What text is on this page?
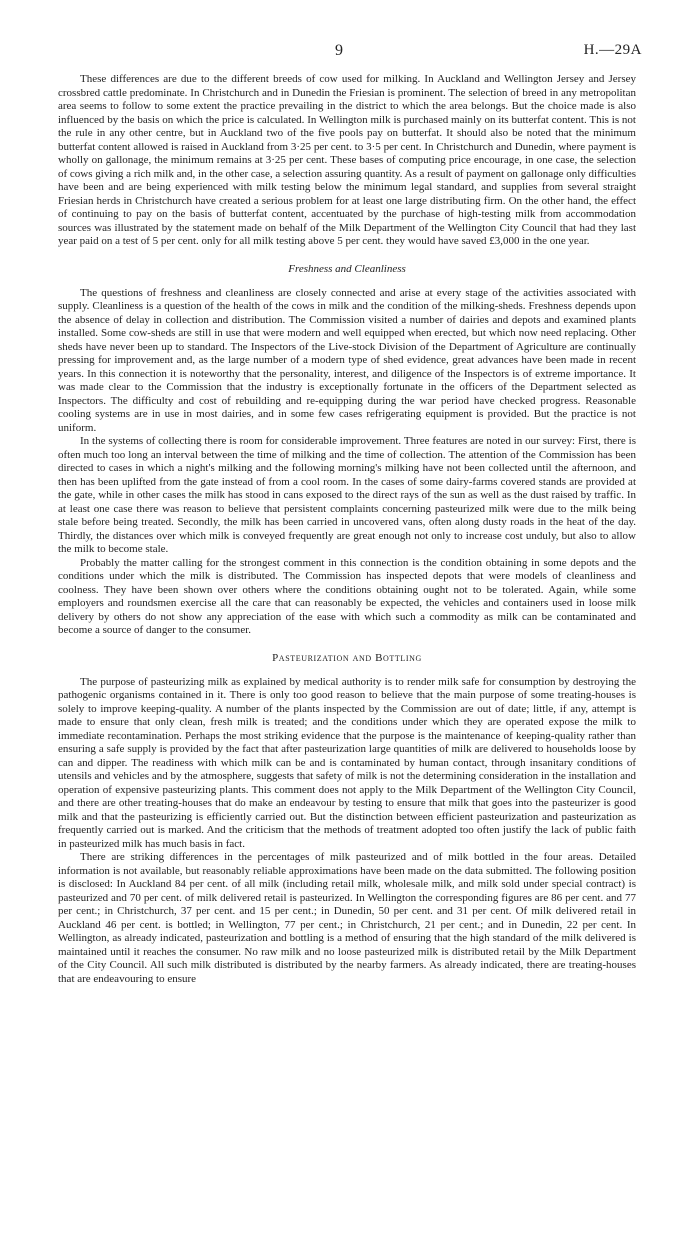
9	H.—29A

These differences are due to the different breeds of cow used for milking. In Auckland and Wellington Jersey and Jersey crossbred cattle predominate. In Christchurch and in Dunedin the Friesian is prominent. The selection of breed in any metropolitan area seems to follow to some extent the practice prevailing in the district to which the area belongs. But the choice made is also influenced by the basis on which the price is calculated. In Wellington milk is purchased mainly on its butterfat content. This is not the rule in any other centre, but in Auckland two of the five pools pay on butterfat. It should also be noted that the minimum butterfat content allowed is raised in Auckland from 3·25 per cent. to 3·5 per cent. In Christchurch and Dunedin, where payment is wholly on gallonage, the minimum remains at 3·25 per cent. These bases of computing price encourage, in one case, the selection of cows giving a rich milk and, in the other case, a selection assuring quantity. As a result of payment on gallonage only difficulties have been and are being experienced with milk testing below the minimum legal standard, and supplies from several straight Friesian herds in Christchurch have created a serious problem for at least one large distributing firm. On the other hand, the effect of continuing to pay on the basis of butterfat content, accentuated by the purchase of high-testing milk from accommodation sources was illustrated by the statement made on behalf of the Milk Department of the Wellington City Council that had they last year paid on a test of 5 per cent. only for all milk testing above 5 per cent. they would have saved £3,000 in the one year.

Freshness and Cleanliness

The questions of freshness and cleanliness are closely connected and arise at every stage of the activities associated with supply. Cleanliness is a question of the health of the cows in milk and the condition of the milking-sheds. Freshness depends upon the absence of delay in collection and distribution. The Commission visited a number of dairies and depots and examined plants installed. Some cow-sheds are still in use that were modern and well equipped when erected, but which now need replacing. Other sheds have never been up to standard. The Inspectors of the Live-stock Division of the Department of Agriculture are continually pressing for improvement and, as the large number of a modern type of shed evidence, great advances have been made in recent years. In this connection it is noteworthy that the personality, interest, and diligence of the Inspectors is of extreme importance. It was made clear to the Commission that the industry is exceptionally fortunate in the officers of the Department selected as Inspectors. The difficulty and cost of rebuilding and re-equipping during the war period have checked progress. Reasonable cooling systems are in use in most dairies, and in some few cases refrigerating equipment is provided. But the practice is not uniform.

In the systems of collecting there is room for considerable improvement. Three features are noted in our survey: First, there is often much too long an interval between the time of milking and the time of collection. The attention of the Commission has been directed to cases in which a night's milking and the following morning's milking have not been collected until the afternoon, and then has been uplifted from the gate instead of from a cool room. In the cases of some dairy-farms covered stands are provided at the gate, while in other cases the milk has stood in cans exposed to the direct rays of the sun as well as the dust raised by traffic. In at least one case there was reason to believe that persistent complaints concerning pasteurized milk were due to the milk being stale before being treated. Secondly, the milk has been carried in uncovered vans, often along dusty roads in the heat of the day. Thirdly, the distances over which milk is conveyed frequently are great enough not only to increase cost unduly, but also to allow the milk to become stale.

Probably the matter calling for the strongest comment in this connection is the condition obtaining in some depots and the conditions under which the milk is distributed. The Commission has inspected depots that were models of cleanliness and coolness. They have been shown over others where the conditions obtaining ought not to be tolerated. Again, while some employers and roundsmen exercise all the care that can reasonably be expected, the vehicles and containers used in loose milk delivery by others do not show any appreciation of the ease with which such a commodity as milk can be contaminated and become a source of danger to the consumer.

Pasteurization and Bottling

The purpose of pasteurizing milk as explained by medical authority is to render milk safe for consumption by destroying the pathogenic organisms contained in it. There is only too good reason to believe that the main purpose of some treating-houses is solely to improve keeping-quality. A number of the plants inspected by the Commission are out of date; little, if any, attempt is made to ensure that only clean, fresh milk is treated; and the conditions under which they are operated expose the milk to immediate recontamination. Perhaps the most striking evidence that the purpose is the maintenance of keeping-quality rather than ensuring a safe supply is provided by the fact that after pasteurization large quantities of milk are delivered to households loose by can and dipper. The readiness with which milk can be and is contaminated by human contact, through insanitary conditions of utensils and vehicles and by the atmosphere, suggests that safety of milk is not the determining consideration in the installation and operation of expensive pasteurizing plants. This comment does not apply to the Milk Department of the Wellington City Council, and there are other treating-houses that do make an endeavour by testing to ensure that milk that goes into the pasteurizer is good milk and that the pasteurizing is efficiently carried out. But the distinction between efficient pasteurization and pasteurization as frequently carried out is marked. And the criticism that the methods of treatment adopted too often justify the lack of public faith in pasteurized milk has much basis in fact.

There are striking differences in the percentages of milk pasteurized and of milk bottled in the four areas. Detailed information is not available, but reasonably reliable approximations have been made on the data submitted. The following position is disclosed: In Auckland 84 per cent. of all milk (including retail milk, wholesale milk, and milk sold under special contract) is pasteurized and 70 per cent. of milk delivered retail is pasteurized. In Wellington the corresponding figures are 86 per cent. and 77 per cent.; in Christchurch, 37 per cent. and 15 per cent.; in Dunedin, 50 per cent. and 31 per cent. Of milk delivered retail in Auckland 46 per cent. is bottled; in Wellington, 77 per cent.; in Christchurch, 21 per cent.; and in Dunedin, 22 per cent. In Wellington, as already indicated, pasteurization and bottling is a method of ensuring that the high standard of the milk delivered is maintained until it reaches the consumer. No raw milk and no loose pasteurized milk is distributed retail by the Milk Department of the City Council. All such milk distributed is distributed by the nearby farmers. As already indicated, there are treating-houses that are endeavouring to ensure
